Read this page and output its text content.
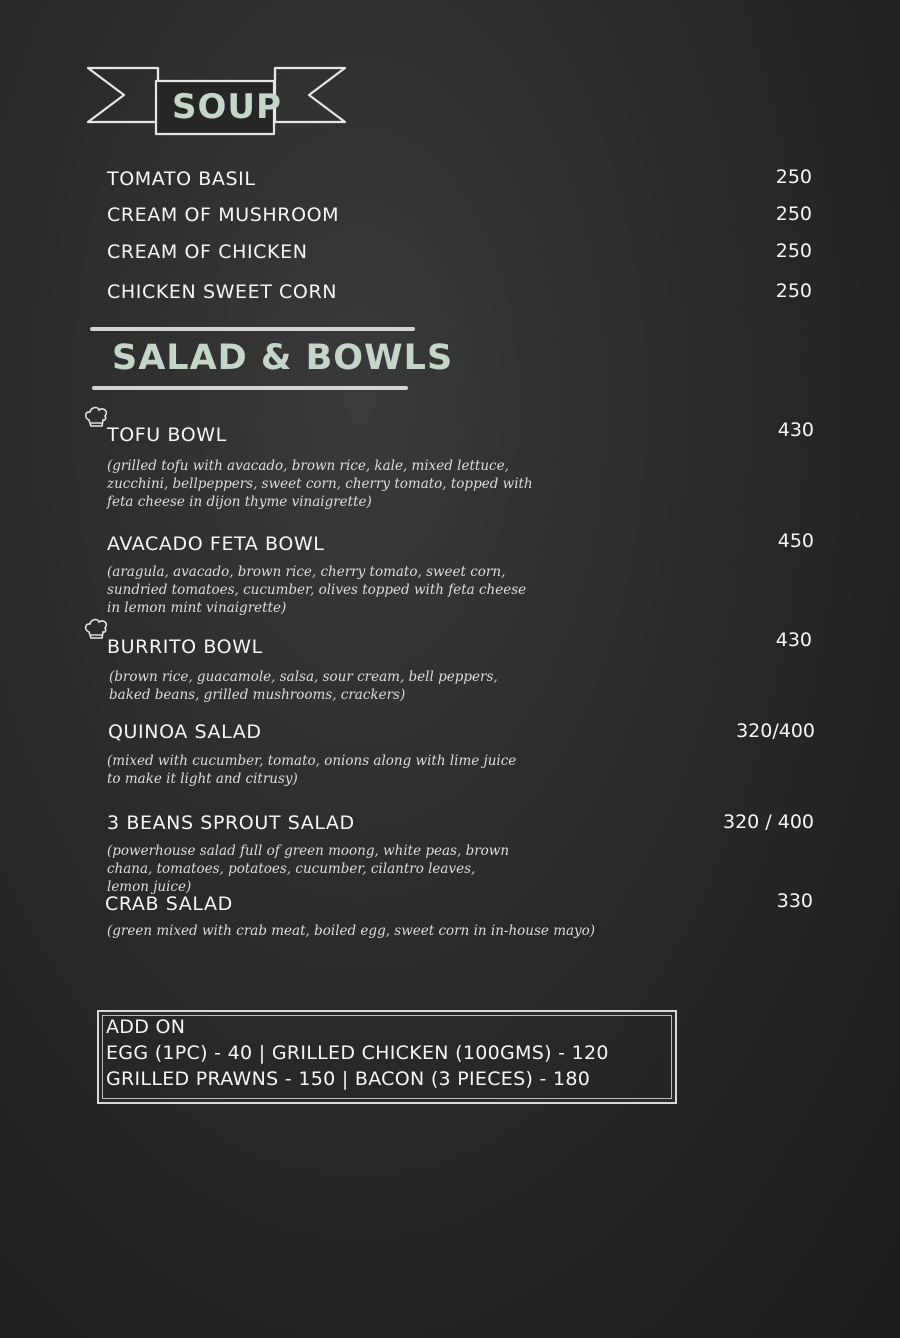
SOUP
TOMATO BASIL	250
CREAM OF MUSHROOM	250
CREAM OF CHICKEN	250
CHICKEN SWEET CORN	250
SALAD & BOWLS
TOFU BOWL	430
(grilled tofu with avacado, brown rice, kale, mixed lettuce, zucchini, bellpeppers, sweet corn, cherry tomato, topped with feta cheese in dijon thyme vinaigrette)
AVACADO FETA BOWL	450
(aragula, avacado, brown rice, cherry tomato, sweet corn, sundried tomatoes, cucumber, olives topped with feta cheese in lemon mint vinaigrette)
BURRITO BOWL	430
(brown rice, guacamole, salsa, sour cream, bell peppers, baked beans, grilled mushrooms, crackers)
QUINOA SALAD	320/400
(mixed with cucumber, tomato, onions along with lime juice to make it light and citrusy)
3 BEANS SPROUT SALAD	320 / 400
(powerhouse salad full of green moong, white peas, brown chana, tomatoes, potatoes, cucumber, cilantro leaves, lemon juice)
CRAB SALAD	330
(green mixed with crab meat, boiled egg, sweet corn in in-house mayo)
ADD ON
EGG (1PC) - 40 | GRILLED CHICKEN (100GMS) - 120
GRILLED PRAWNS - 150 | BACON (3 PIECES) - 180
